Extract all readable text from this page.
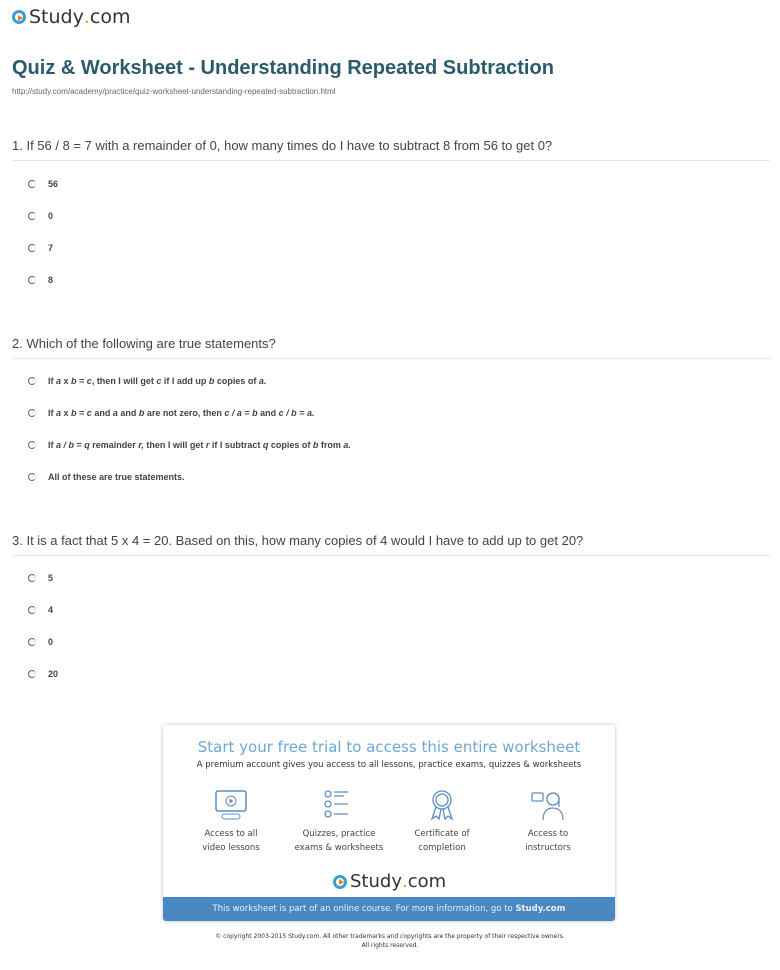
Study . com
Quiz & Worksheet - Understanding Repeated Subtraction
http://study.com/academy/practice/quiz-worksheet-understanding-repeated-subtraction.html
1. If 56 / 8 = 7 with a remainder of 0, how many times do I have to subtract 8 from 56 to get 0?
2. Which of the following are true statements?
3. It is a fact that 5 x 4 = 20. Based on this, how many copies of 4 would I have to add up to get 20?
Start your free trial to access this entire worksheet
A premium account gives you access to all lessons, practice exams, quizzes & worksheets
Access to all
video lessons
Quizzes, practice
exams & worksheets
Certificate of
completion
Access to
instructors
Study . com
This worksheet is part of an online course. For more information, go to Study.com
© copyright 2003-2015 Study.com. All other trademarks and copyrights are the property of their respective owners.
All rights reserved.
56
0
7
8
If a x b = c, then I will get c if I add up b copies of a.
If a x b = c and a and b are not zero, then c / a = b and c / b = a.
If a / b = q remainder r, then I will get r if I subtract q copies of b from a.
All of these are true statements.
5
4
0
20
